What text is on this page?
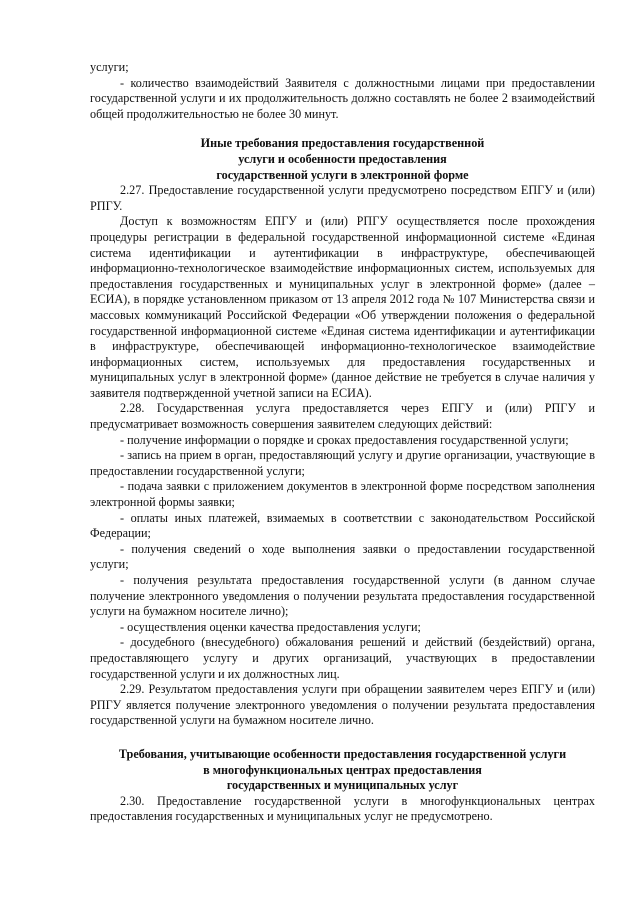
услуги;

- количество взаимодействий Заявителя с должностными лицами при предоставлении государственной услуги и их продолжительность должно составлять не более 2 взаимодействий общей продолжительностью не более 30 минут.

Иные требования предоставления государственной
услуги и особенности предоставления
государственной услуги в электронной форме

2.27. Предоставление государственной услуги предусмотрено посредством ЕПГУ и (или) РПГУ.

Доступ к возможностям ЕПГУ и (или) РПГУ осуществляется после прохождения процедуры регистрации в федеральной государственной информационной системе «Единая система идентификации и аутентификации в инфраструктуре, обеспечивающей информационно-технологическое взаимодействие информационных систем, используемых для предоставления государственных и муниципальных услуг в электронной форме» (далее – ЕСИА), в порядке установленном приказом от 13 апреля 2012 года № 107 Министерства связи и массовых коммуникаций Российской Федерации «Об утверждении положения о федеральной государственной информационной системе «Единая система идентификации и аутентификации в инфраструктуре, обеспечивающей информационно-технологическое взаимодействие информационных систем, используемых для предоставления государственных и муниципальных услуг в электронной форме» (данное действие не требуется в случае наличия у заявителя подтвержденной учетной записи на ЕСИА).

2.28. Государственная услуга предоставляется через ЕПГУ и (или) РПГУ и предусматривает возможность совершения заявителем следующих действий:

- получение информации о порядке и сроках предоставления государственной услуги;

- запись на прием в орган, предоставляющий услугу и другие организации, участвующие в предоставлении государственной услуги;

- подача заявки с приложением документов в электронной форме посредством заполнения электронной формы заявки;

- оплаты иных платежей, взимаемых в соответствии с законодательством Российской Федерации;

- получения сведений о ходе выполнения заявки о предоставлении государственной услуги;

- получения результата предоставления государственной услуги (в данном случае получение электронного уведомления о получении результата предоставления государственной услуги на бумажном носителе лично);

- осуществления оценки качества предоставления услуги;

- досудебного (внесудебного) обжалования решений и действий (бездействий) органа, предоставляющего услугу и других организаций, участвующих в предоставлении государственной услуги и их должностных лиц.

2.29. Результатом предоставления услуги при обращении заявителем через ЕПГУ и (или) РПГУ является получение электронного уведомления о получении результата предоставления государственной услуги на бумажном носителе лично.

Требования, учитывающие особенности предоставления государственной услуги
в многофункциональных центрах предоставления
государственных и муниципальных услуг

2.30. Предоставление государственной услуги в многофункциональных центрах предоставления государственных и муниципальных услуг не предусмотрено.
